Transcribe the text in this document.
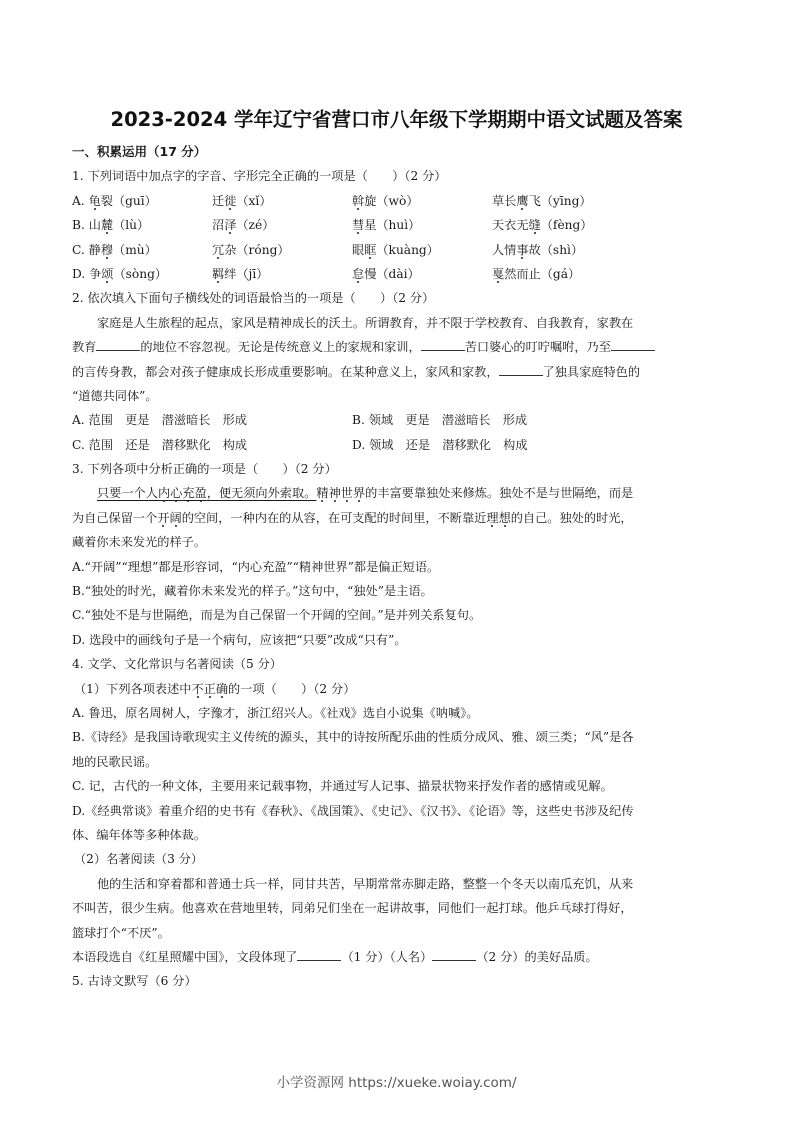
2023-2024 学年辽宁省营口市八年级下学期期中语文试题及答案
一、积累运用（17 分）
1. 下列词语中加点字的字音、字形完全正确的一项是（　　）（2 分）
A. 龟裂（guī）	迁徙（xǐ）	斡旋（wò）	草长鹰飞（yīng）
B. 山麓（lù）	沼泽（zé）	彗星（huì）	天衣无缝（fèng）
C. 静穆（mù）	冗杂（róng）	眼眶（kuàng）	人情事故（shì）
D. 争颂（sòng）	羁绊（jī）	怠慢（dài）	戛然而止（gá）
2. 依次填入下面句子横线处的词语最恰当的一项是（　　）（2 分）
家庭是人生旅程的起点，家风是精神成长的沃土。所谓教育，并不限于学校教育、自我教育，家教在
教育	的地位不容忽视。无论是传统意义上的家规和家训，	苦口婆心的叮咛嘱咐，乃至
的言传身教，都会对孩子健康成长形成重要影响。在某种意义上，家风和家教，	了独具家庭特色的
“道德共同体”。
A. 范围　更是　潜滋暗长　形成	B. 领域　更是　潜滋暗长　形成
C. 范围　还是　潜移默化　构成	D. 领域　还是　潜移默化　构成
3. 下列各项中分析正确的一项是（　　）（2 分）
只要一个人内心充盈，便无须向外索取。精神世界的丰富要靠独处来修炼。独处不是与世隔绝，而是
为自己保留一个开阔的空间，一种内在的从容，在可支配的时间里，不断靠近理想的自己。独处的时光，
藏着你未来发光的样子。
A.“开阔”“理想”都是形容词，“内心充盈”“精神世界”都是偏正短语。
B.“独处的时光，藏着你未来发光的样子。”这句中，“独处”是主语。
C.“独处不是与世隔绝，而是为自己保留一个开阔的空间。”是并列关系复句。
D. 选段中的画线句子是一个病句，应该把“只要”改成“只有”。
4. 文学、文化常识与名著阅读（5 分）
（1）下列各项表述中不正确的一项（　　）（2 分）
A. 鲁迅，原名周树人，字豫才，浙江绍兴人。《社戏》选自小说集《呐喊》。
B.《诗经》是我国诗歌现实主义传统的源头，其中的诗按所配乐曲的性质分成风、雅、颂三类；“风”是各
地的民歌民谣。
C. 记，古代的一种文体，主要用来记载事物，并通过写人记事、描景状物来抒发作者的感情或见解。
D.《经典常谈》着重介绍的史书有《春秋》、《战国策》、《史记》、《汉书》、《论语》等，这些史书涉及纪传
体、编年体等多种体裁。
（2）名著阅读（3 分）
他的生活和穿着都和普通士兵一样，同甘共苦，早期常常赤脚走路，整整一个冬天以南瓜充饥，从来
不叫苦，很少生病。他喜欢在营地里转，同弟兄们坐在一起讲故事，同他们一起打球。他乒乓球打得好，
篮球打个“不厌”。
本语段选自《红星照耀中国》，文段体现了	（1 分）（人名）	（2 分）的美好品质。
5. 古诗文默写（6 分）
小学资源网 https://xueke.woiay.com/
